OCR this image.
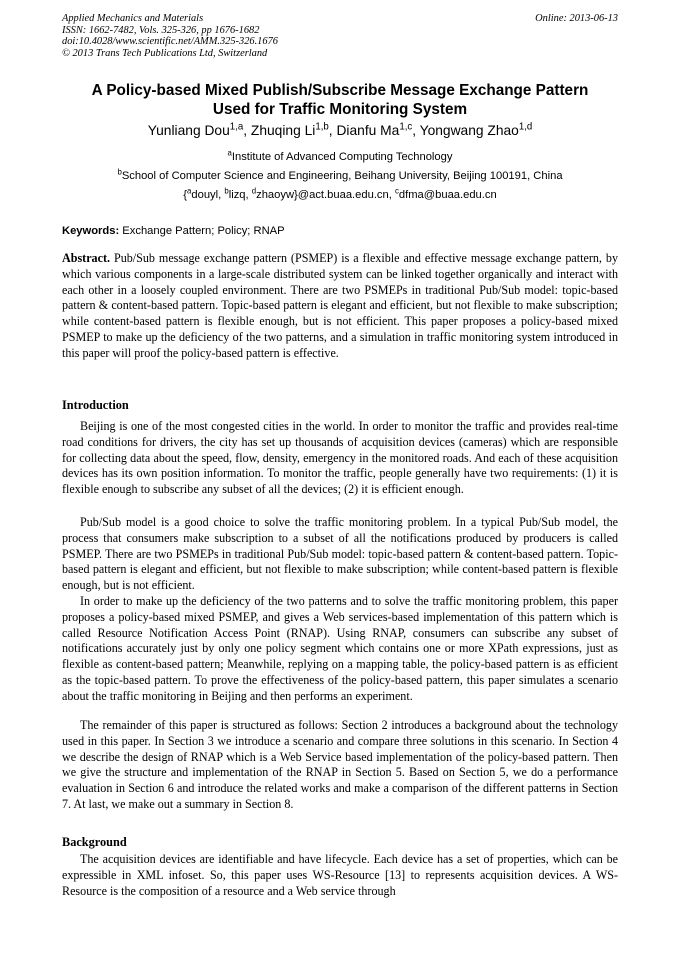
Applied Mechanics and Materials
ISSN: 1662-7482, Vols. 325-326, pp 1676-1682
doi:10.4028/www.scientific.net/AMM.325-326.1676
© 2013 Trans Tech Publications Ltd, Switzerland
Online: 2013-06-13
A Policy-based Mixed Publish/Subscribe Message Exchange Pattern
Used for Traffic Monitoring System
Yunliang Dou$^{1,a}$, Zhuqing Li$^{1,b}$, Dianfu Ma$^{1,c}$, Yongwang Zhao$^{1,d}$
$^a$Institute of Advanced Computing Technology
$^b$School of Computer Science and Engineering, Beihang University, Beijing 100191, China
{$^a$douyl, $^b$lizq, $^d$zhaoyw}@act.buaa.edu.cn, $^c$dfma@buaa.edu.cn
Keywords: Exchange Pattern; Policy; RNAP
Abstract. Pub/Sub message exchange pattern (PSMEP) is a flexible and effective message exchange pattern, by which various components in a large-scale distributed system can be linked together organically and interact with each other in a loosely coupled environment. There are two PSMEPs in traditional Pub/Sub model: topic-based pattern & content-based pattern. Topic-based pattern is elegant and efficient, but not flexible to make subscription; while content-based pattern is flexible enough, but is not efficient. This paper proposes a policy-based mixed PSMEP to make up the deficiency of the two patterns, and a simulation in traffic monitoring system introduced in this paper will proof the policy-based pattern is effective.
Introduction
Beijing is one of the most congested cities in the world. In order to monitor the traffic and provides real-time road conditions for drivers, the city has set up thousands of acquisition devices (cameras) which are responsible for collecting data about the speed, flow, density, emergency in the monitored roads. And each of these acquisition devices has its own position information. To monitor the traffic, people generally have two requirements: (1) it is flexible enough to subscribe any subset of all the devices; (2) it is efficient enough.
Pub/Sub model is a good choice to solve the traffic monitoring problem. In a typical Pub/Sub model, the process that consumers make subscription to a subset of all the notifications produced by producers is called PSMEP. There are two PSMEPs in traditional Pub/Sub model: topic-based pattern & content-based pattern. Topic-based pattern is elegant and efficient, but not flexible to make subscription; while content-based pattern is flexible enough, but is not efficient.
In order to make up the deficiency of the two patterns and to solve the traffic monitoring problem, this paper proposes a policy-based mixed PSMEP, and gives a Web services-based implementation of this pattern which is called Resource Notification Access Point (RNAP). Using RNAP, consumers can subscribe any subset of notifications accurately just by only one policy segment which contains one or more XPath expressions, just as flexible as content-based pattern; Meanwhile, replying on a mapping table, the policy-based pattern is as efficient as the topic-based pattern. To prove the effectiveness of the policy-based pattern, this paper simulates a scenario about the traffic monitoring in Beijing and then performs an experiment.
The remainder of this paper is structured as follows: Section 2 introduces a background about the technology used in this paper. In Section 3 we introduce a scenario and compare three solutions in this scenario. In Section 4 we describe the design of RNAP which is a Web Service based implementation of the policy-based pattern. Then we give the structure and implementation of the RNAP in Section 5. Based on Section 5, we do a performance evaluation in Section 6 and introduce the related works and make a comparison of the different patterns in Section 7. At last, we make out a summary in Section 8.
Background
The acquisition devices are identifiable and have lifecycle. Each device has a set of properties, which can be expressible in XML infoset. So, this paper uses WS-Resource [13] to represents acquisition devices. A WS-Resource is the composition of a resource and a Web service through
